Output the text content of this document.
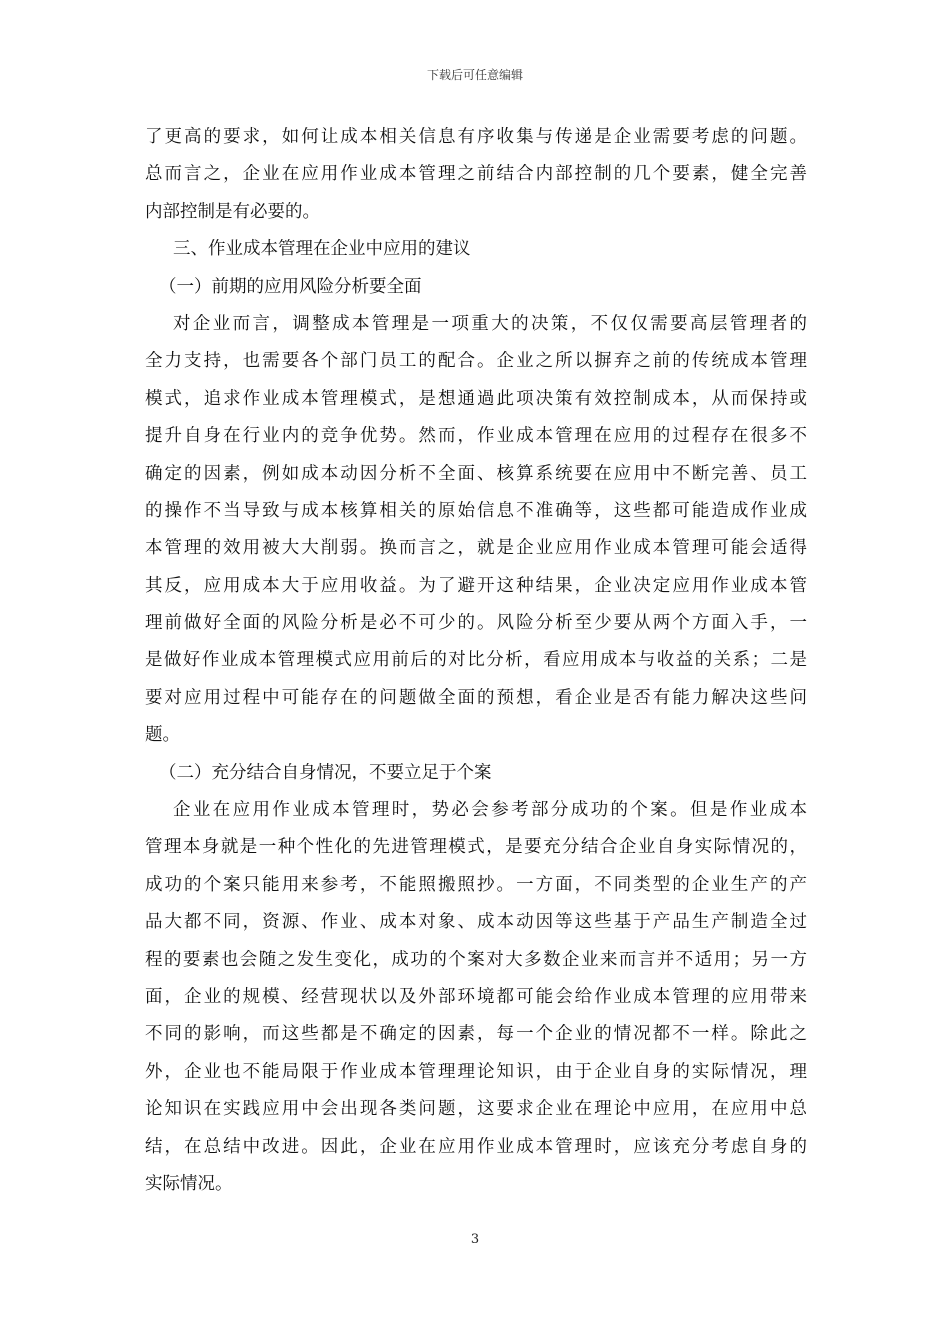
下载后可任意编辑
了更高的要求，如何让成本相关信息有序收集与传递是企业需要考虑的问题。
总而言之，企业在应用作业成本管理之前结合内部控制的几个要素，健全完善
内部控制是有必要的。
三、作业成本管理在企业中应用的建议
（一）前期的应用风险分析要全面
对企业而言，调整成本管理是一项重大的决策，不仅仅需要高层管理者的
全力支持，也需要各个部门员工的配合。企业之所以摒弃之前的传统成本管理
模式，追求作业成本管理模式，是想通過此项决策有效控制成本，从而保持或
提升自身在行业内的竞争优势。然而，作业成本管理在应用的过程存在很多不
确定的因素，例如成本动因分析不全面、核算系统要在应用中不断完善、员工
的操作不当导致与成本核算相关的原始信息不准确等，这些都可能造成作业成
本管理的效用被大大削弱。换而言之，就是企业应用作业成本管理可能会适得
其反，应用成本大于应用收益。为了避开这种结果，企业决定应用作业成本管
理前做好全面的风险分析是必不可少的。风险分析至少要从两个方面入手，一
是做好作业成本管理模式应用前后的对比分析，看应用成本与收益的关系；二是
要对应用过程中可能存在的问题做全面的预想，看企业是否有能力解决这些问
题。
（二）充分结合自身情况，不要立足于个案
企业在应用作业成本管理时，势必会参考部分成功的个案。但是作业成本
管理本身就是一种个性化的先进管理模式，是要充分结合企业自身实际情况的，
成功的个案只能用来参考，不能照搬照抄。一方面，不同类型的企业生产的产
品大都不同，资源、作业、成本对象、成本动因等这些基于产品生产制造全过
程的要素也会随之发生变化，成功的个案对大多数企业来而言并不适用；另一方
面，企业的规模、经营现状以及外部环境都可能会给作业成本管理的应用带来
不同的影响，而这些都是不确定的因素，每一个企业的情况都不一样。除此之
外，企业也不能局限于作业成本管理理论知识，由于企业自身的实际情况，理
论知识在实践应用中会出现各类问题，这要求企业在理论中应用，在应用中总
结，在总结中改进。因此，企业在应用作业成本管理时，应该充分考虑自身的
实际情况。
3
